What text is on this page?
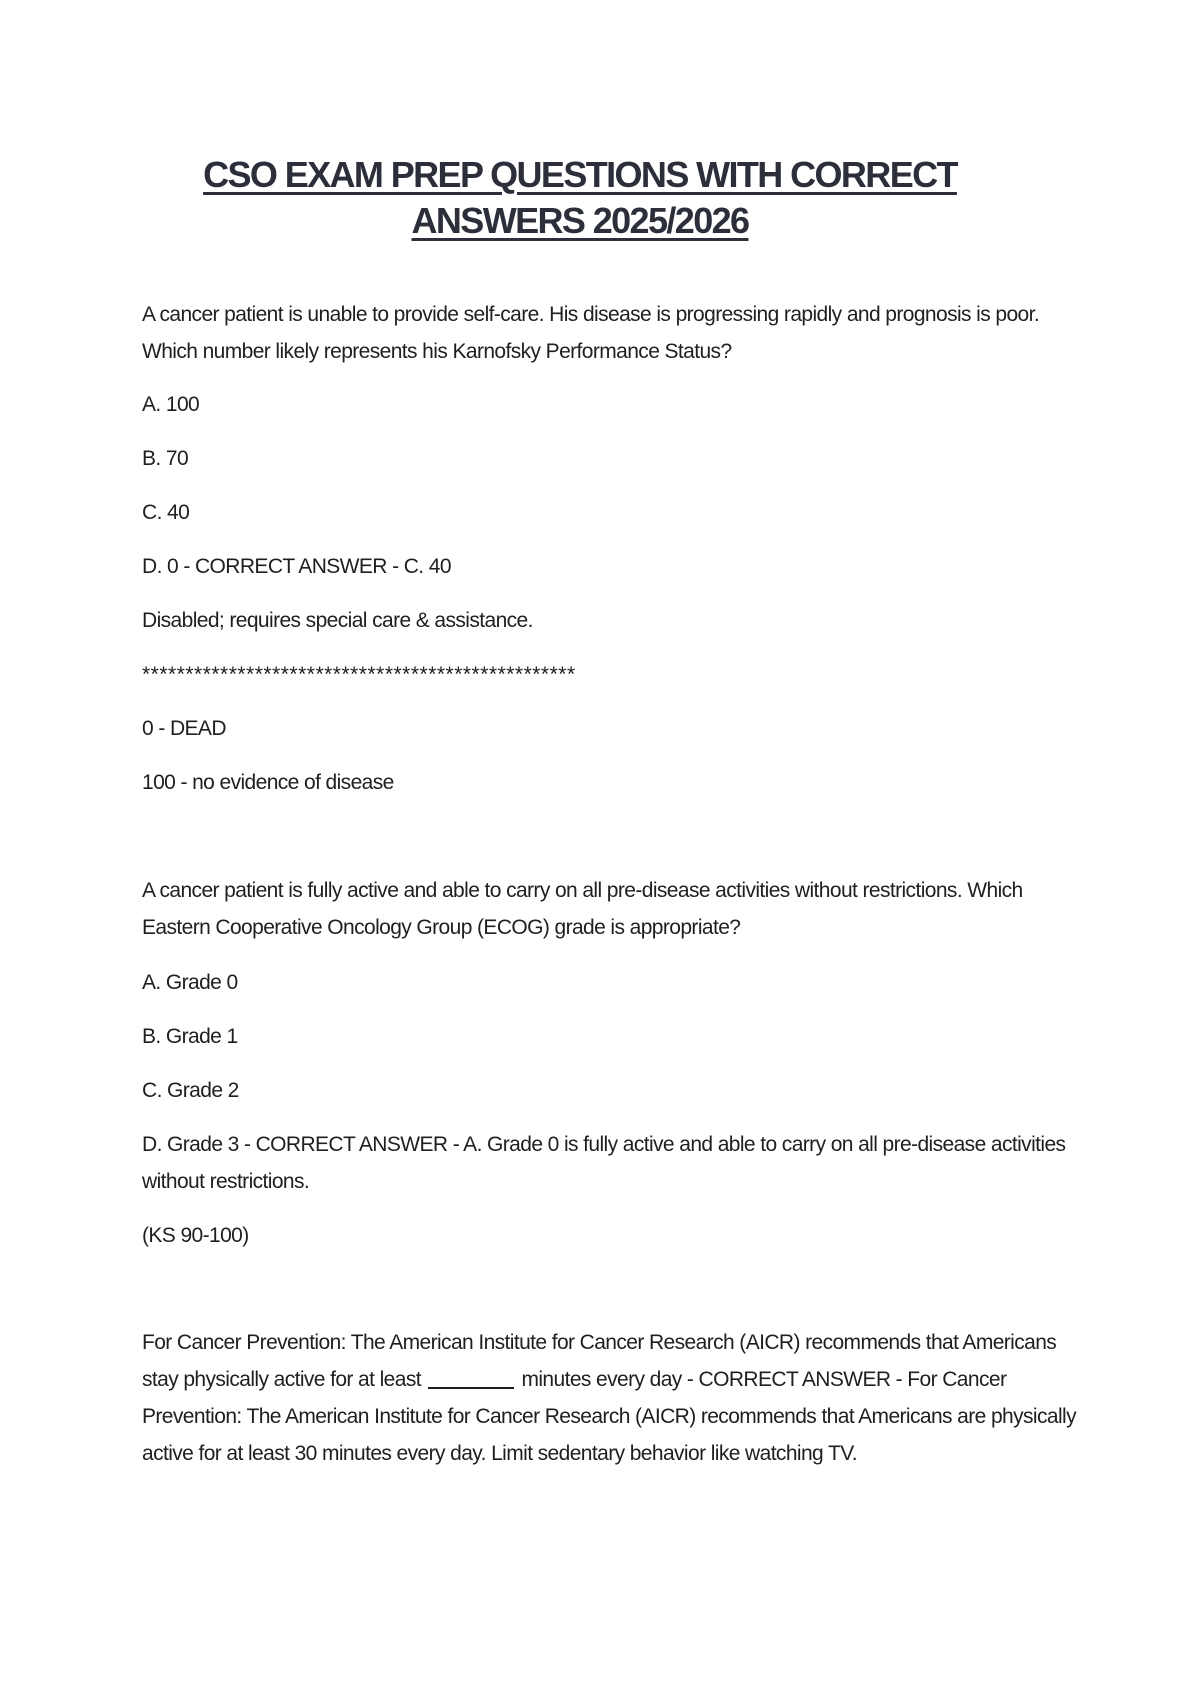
CSO EXAM PREP QUESTIONS WITH CORRECT
ANSWERS 2025/2026
A cancer patient is unable to provide self-care. His disease is progressing rapidly and prognosis is poor. Which number likely represents his Karnofsky Performance Status?
A. 100
B. 70
C. 40
D. 0 - CORRECT ANSWER - C. 40
Disabled; requires special care & assistance.
**************************************************
0 - DEAD
100 - no evidence of disease
A cancer patient is fully active and able to carry on all pre-disease activities without restrictions. Which Eastern Cooperative Oncology Group (ECOG) grade is appropriate?
A. Grade 0
B. Grade 1
C. Grade 2
D. Grade 3 - CORRECT ANSWER - A. Grade 0 is fully active and able to carry on all pre-disease activities without restrictions.
(KS 90-100)
For Cancer Prevention: The American Institute for Cancer Research (AICR) recommends that Americans stay physically active for at least	minutes every day - CORRECT ANSWER - For Cancer Prevention: The American Institute for Cancer Research (AICR) recommends that Americans are physically active for at least 30 minutes every day. Limit sedentary behavior like watching TV.
